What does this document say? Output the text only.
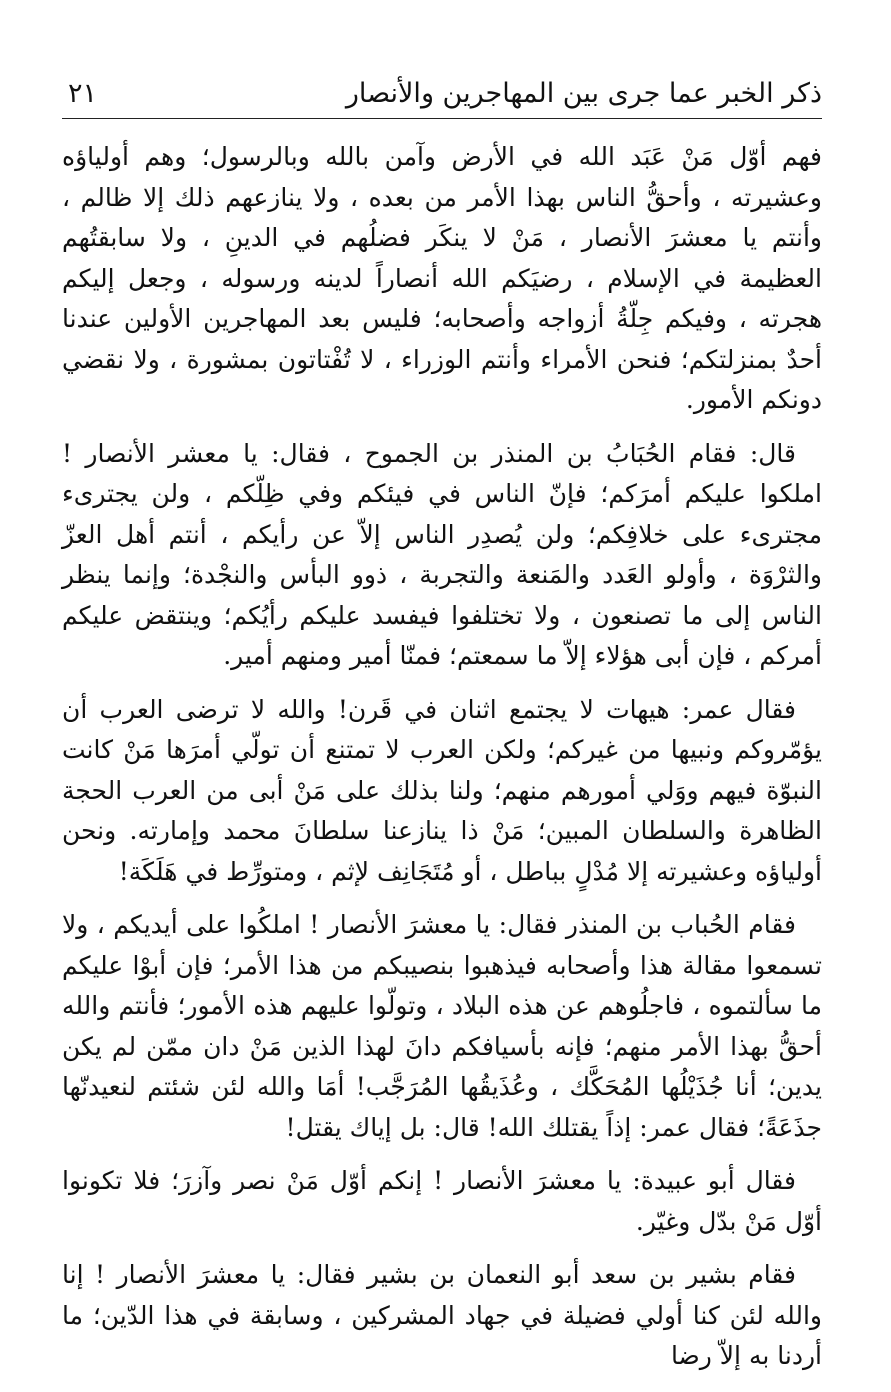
ذكر الخبر عما جرى بين المهاجرين والأنصار
٢١

فهم أوّل مَنْ عَبَد الله في الأرض وآمن بالله وبالرسول؛ وهم أولياؤه وعشيرته ، وأحقُّ الناس بهذا الأمر من بعده ، ولا ينازعهم ذلك إلا ظالم ، وأنتم يا معشرَ الأنصار ، مَنْ لا ينكَر فضلُهم في الدينِ ، ولا سابقتُهم العظيمة في الإسلام ، رضيَكم الله أنصاراً لدينه ورسوله ، وجعل إليكم هجرته ، وفيكم جِلّةُ أزواجه وأصحابه؛ فليس بعد المهاجرين الأولين عندنا أحدٌ بمنزلتكم؛ فنحن الأمراء وأنتم الوزراء ، لا تُفْتاتون بمشورة ، ولا نقضي دونكم الأمور.

قال: فقام الحُبَابُ بن المنذر بن الجموح ، فقال: يا معشر الأنصار ! املكوا عليكم أمرَكم؛ فإنّ الناس في فيئكم وفي ظِلّكم ، ولن يجترىء مجترىء على خلافِكم؛ ولن يُصدِر الناس إلاّ عن رأيكم ، أنتم أهل العزّ والثرْوَة ، وأولو العَدد والمَنعة والتجربة ، ذوو البأس والنجْدة؛ وإنما ينظر الناس إلى ما تصنعون ، ولا تختلفوا فيفسد عليكم رأيُكم؛ وينتقض عليكم أمركم ، فإن أبى هؤلاء إلاّ ما سمعتم؛ فمنّا أمير ومنهم أمير.

فقال عمر: هيهات لا يجتمع اثنان في قَرن! والله لا ترضى العرب أن يؤمّروكم ونبيها من غيركم؛ ولكن العرب لا تمتنع أن تولّي أمرَها مَنْ كانت النبوّة فيهم ووَلي أمورهم منهم؛ ولنا بذلك على مَنْ أبى من العرب الحجة الظاهرة والسلطان المبين؛ مَنْ ذا ينازعنا سلطانَ محمد وإمارته. ونحن أولياؤه وعشيرته إلا مُدْلٍ بباطل ، أو مُتَجَانِف لإثم ، ومتورِّط في هَلَكَة!

فقام الحُباب بن المنذر فقال: يا معشرَ الأنصار ! املكُوا على أيديكم ، ولا تسمعوا مقالة هذا وأصحابه فيذهبوا بنصيبكم من هذا الأمر؛ فإن أبوْا عليكم ما سألتموه ، فاجلُوهم عن هذه البلاد ، وتولّوا عليهم هذه الأمور؛ فأنتم والله أحقُّ بهذا الأمر منهم؛ فإنه بأسيافكم دانَ لهذا الذين مَنْ دان ممّن لم يكن يدين؛ أنا جُذَيْلُها المُحَكَّك ، وعُذَيقُها المُرَجَّب! أمَا والله لئن شئتم لنعيدنّها جذَعَةً؛ فقال عمر: إذاً يقتلك الله! قال: بل إياك يقتل!

فقال أبو عبيدة: يا معشرَ الأنصار ! إنكم أوّل مَنْ نصر وآزرَ؛ فلا تكونوا أوّل مَنْ بدّل وغيّر.

فقام بشير بن سعد أبو النعمان بن بشير فقال: يا معشرَ الأنصار ! إنا والله لئن كنا أولي فضيلة في جهاد المشركين ، وسابقة في هذا الدّين؛ ما أردنا به إلاّ رضا
